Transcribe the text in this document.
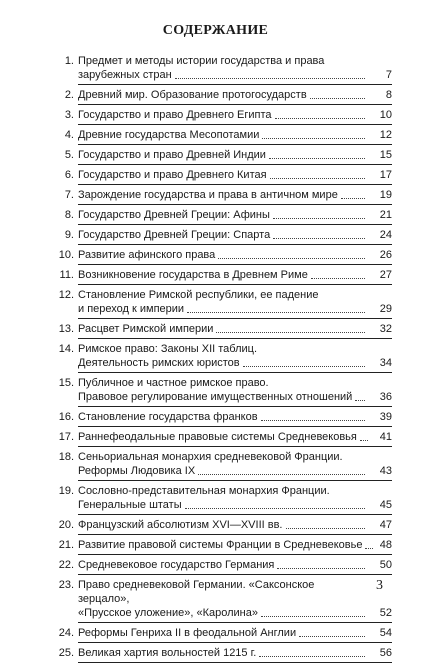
СОДЕРЖАНИЕ
1. Предмет и методы истории государства и права
зарубежных стран	7
2. Древний мир. Образование протогосударств	8
3. Государство и право Древнего Египта	10
4. Древние государства Месопотамии	12
5. Государство и право Древней Индии	15
6. Государство и право Древнего Китая	17
7. Зарождение государства и права в античном мире	19
8. Государство Древней Греции: Афины	21
9. Государство Древней Греции: Спарта	24
10. Развитие афинского права	26
11. Возникновение государства в Древнем Риме	27
12. Становление Римской республики, ее падение
и переход к империи	29
13. Расцвет Римской империи	32
14. Римское право: Законы XII таблиц.
Деятельность римских юристов	34
15. Публичное и частное римское право.
Правовое регулирование имущественных отношений	36
16. Становление государства франков	39
17. Раннефеодальные правовые системы Средневековья	41
18. Сеньориальная монархия средневековой Франции.
Реформы Людовика IX	43
19. Сословно-представительная монархия Франции.
Генеральные штаты	45
20. Французский абсолютизм XVI—XVIII вв.	47
21. Развитие правовой системы Франции в Средневековье	48
22. Средневековое государство Германия	50
23. Право средневековой Германии. «Саксонское зерцало»,
«Прусское уложение», «Каролина»	52
24. Реформы Генриха II в феодальной Англии	54
25. Великая хартия вольностей 1215 г.	56
3
